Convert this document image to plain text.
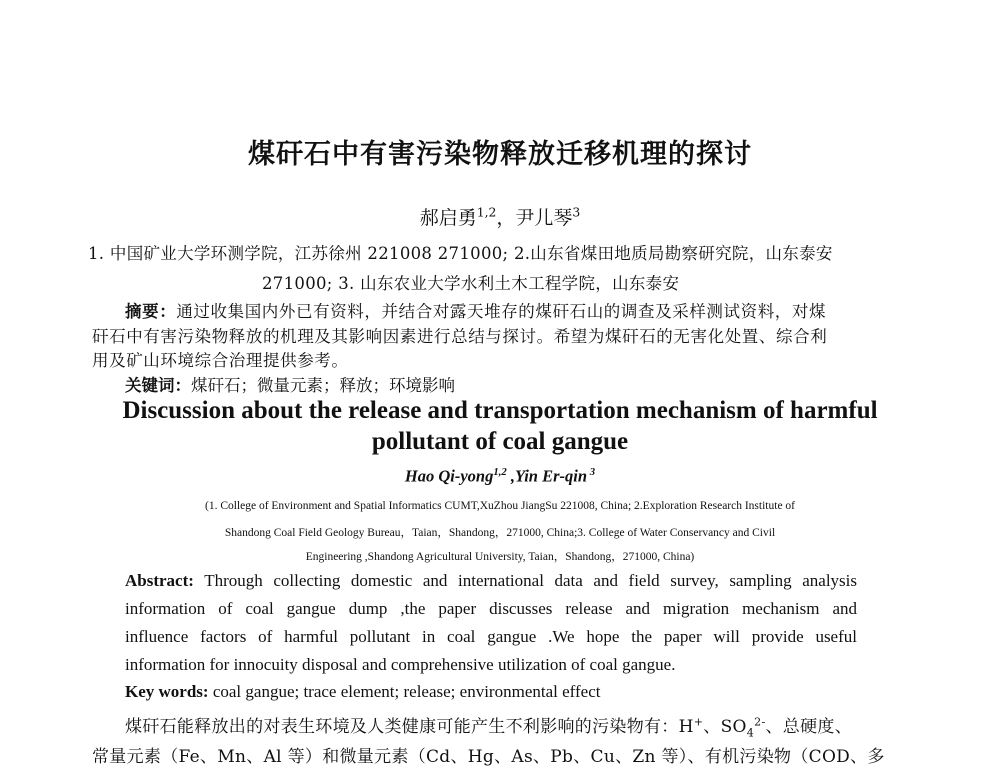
煤矸石中有害污染物释放迁移机理的探讨
郝启勇$^{1,2}$，尹儿琴$^3$
1. 中国矿业大学环测学院，江苏徐州 221008 271000; 2.山东省煤田地质局勘察研究院，山东泰安
271000; 3. 山东农业大学水利土木工程学院，山东泰安
摘要：通过收集国内外已有资料，并结合对露天堆存的煤矸石山的调查及采样测试资料，对煤
矸石中有害污染物释放的机理及其影响因素进行总结与探讨。希望为煤矸石的无害化处置、综合利
用及矿山环境综合治理提供参考。
关键词：煤矸石；微量元素；释放；环境影响
Discussion about the release and transportation mechanism of harmful
pollutant of coal gangue
Hao Qi-yong$^{1,2}$ ,Yin Er-qin $^3$
(1. College of Environment and Spatial Informatics CUMT,XuZhou JiangSu 221008, China; 2.Exploration Research Institute of
Shandong Coal Field Geology Bureau，Taian，Shandong，271000, China;3. College of Water Conservancy and Civil
Engineering ,Shandong Agricultural University, Taian，Shandong，271000, China)
Abstract: Through collecting domestic and international data and field survey, sampling analysis
information of coal gangue dump ,the paper discusses release and migration mechanism and
influence factors of harmful pollutant in coal gangue .We hope the paper will provide useful
information for innocuity disposal and comprehensive utilization of coal gangue.
Key words: coal gangue; trace element; release; environmental effect
煤矸石能释放出的对表生环境及人类健康可能产生不利影响的污染物有：H+、$SO_4^{2-}$、总硬度、
常量元素（Fe、Mn、Al 等）和微量元素（Cd、Hg、As、Pb、Cu、Zn 等）、有机污染物（COD、多
